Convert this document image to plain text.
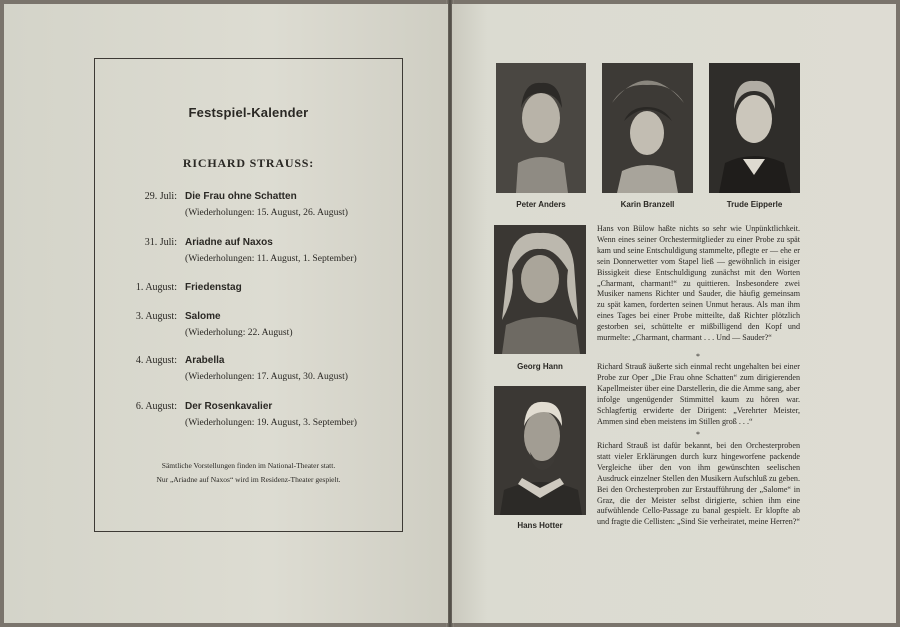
Festspiel-Kalender
RICHARD STRAUSS:
29. Juli: Die Frau ohne Schatten
(Wiederholungen: 15. August, 26. August)
31. Juli: Ariadne auf Naxos
(Wiederholungen: 11. August, 1. September)
1. August: Friedenstag
3. August: Salome
(Wiederholung: 22. August)
4. August: Arabella
(Wiederholungen: 17. August, 30. August)
6. August: Der Rosenkavalier
(Wiederholungen: 19. August, 3. September)
Sämtliche Vorstellungen finden im National-Theater statt.
Nur „Ariadne auf Naxos“ wird im Residenz-Theater gespielt.
Peter Anders	Karin Branzell	Trude Eipperle
Georg Hann
Hans Hotter

Hans von Bülow haßte nichts so sehr wie Unpünktlichkeit. Wenn eines seiner Orchestermitglieder zu einer Probe zu spät kam und seine Entschuldigung stammelte, pflegte er — ehe er sein Donnerwetter vom Stapel ließ — gewöhnlich in eisiger Bissigkeit diese Entschuldigung zunächst mit den Worten „Charmant, charmant!“ zu quittieren. Insbesondere zwei Musiker namens Richter und Sauder, die häufig gemeinsam zu spät kamen, forderten seinen Unmut heraus. Als man ihm eines Tages bei einer Probe mitteilte, daß Richter plötzlich gestorben sei, schüttelte er mißbilligend den Kopf und murmelte: „Charmant, charmant . . . Und — Sauder?“

*

Richard Strauß äußerte sich einmal recht ungehalten bei einer Probe zur Oper „Die Frau ohne Schatten“ zum dirigierenden Kapellmeister über eine Darstellerin, die die Amme sang, aber infolge ungenügender Stimmittel kaum zu hören war. Schlagfertig erwiderte der Dirigent: „Verehrter Meister, Ammen sind eben meistens im Stillen groß . . .“

*

Richard Strauß ist dafür bekannt, bei den Orchesterproben statt vieler Erklärungen durch kurz hingeworfene packende Vergleiche über den von ihm gewünschten seelischen Ausdruck einzelner Stellen den Musikern Aufschluß zu geben. Bei den Orchesterproben zur Erstaufführung der „Salome“ in Graz, die der Meister selbst dirigierte, schien ihm eine aufwühlende Cello-Passage zu banal gespielt. Er klopfte ab und fragte die Cellisten: „Sind Sie verheiratet, meine Herren?“
